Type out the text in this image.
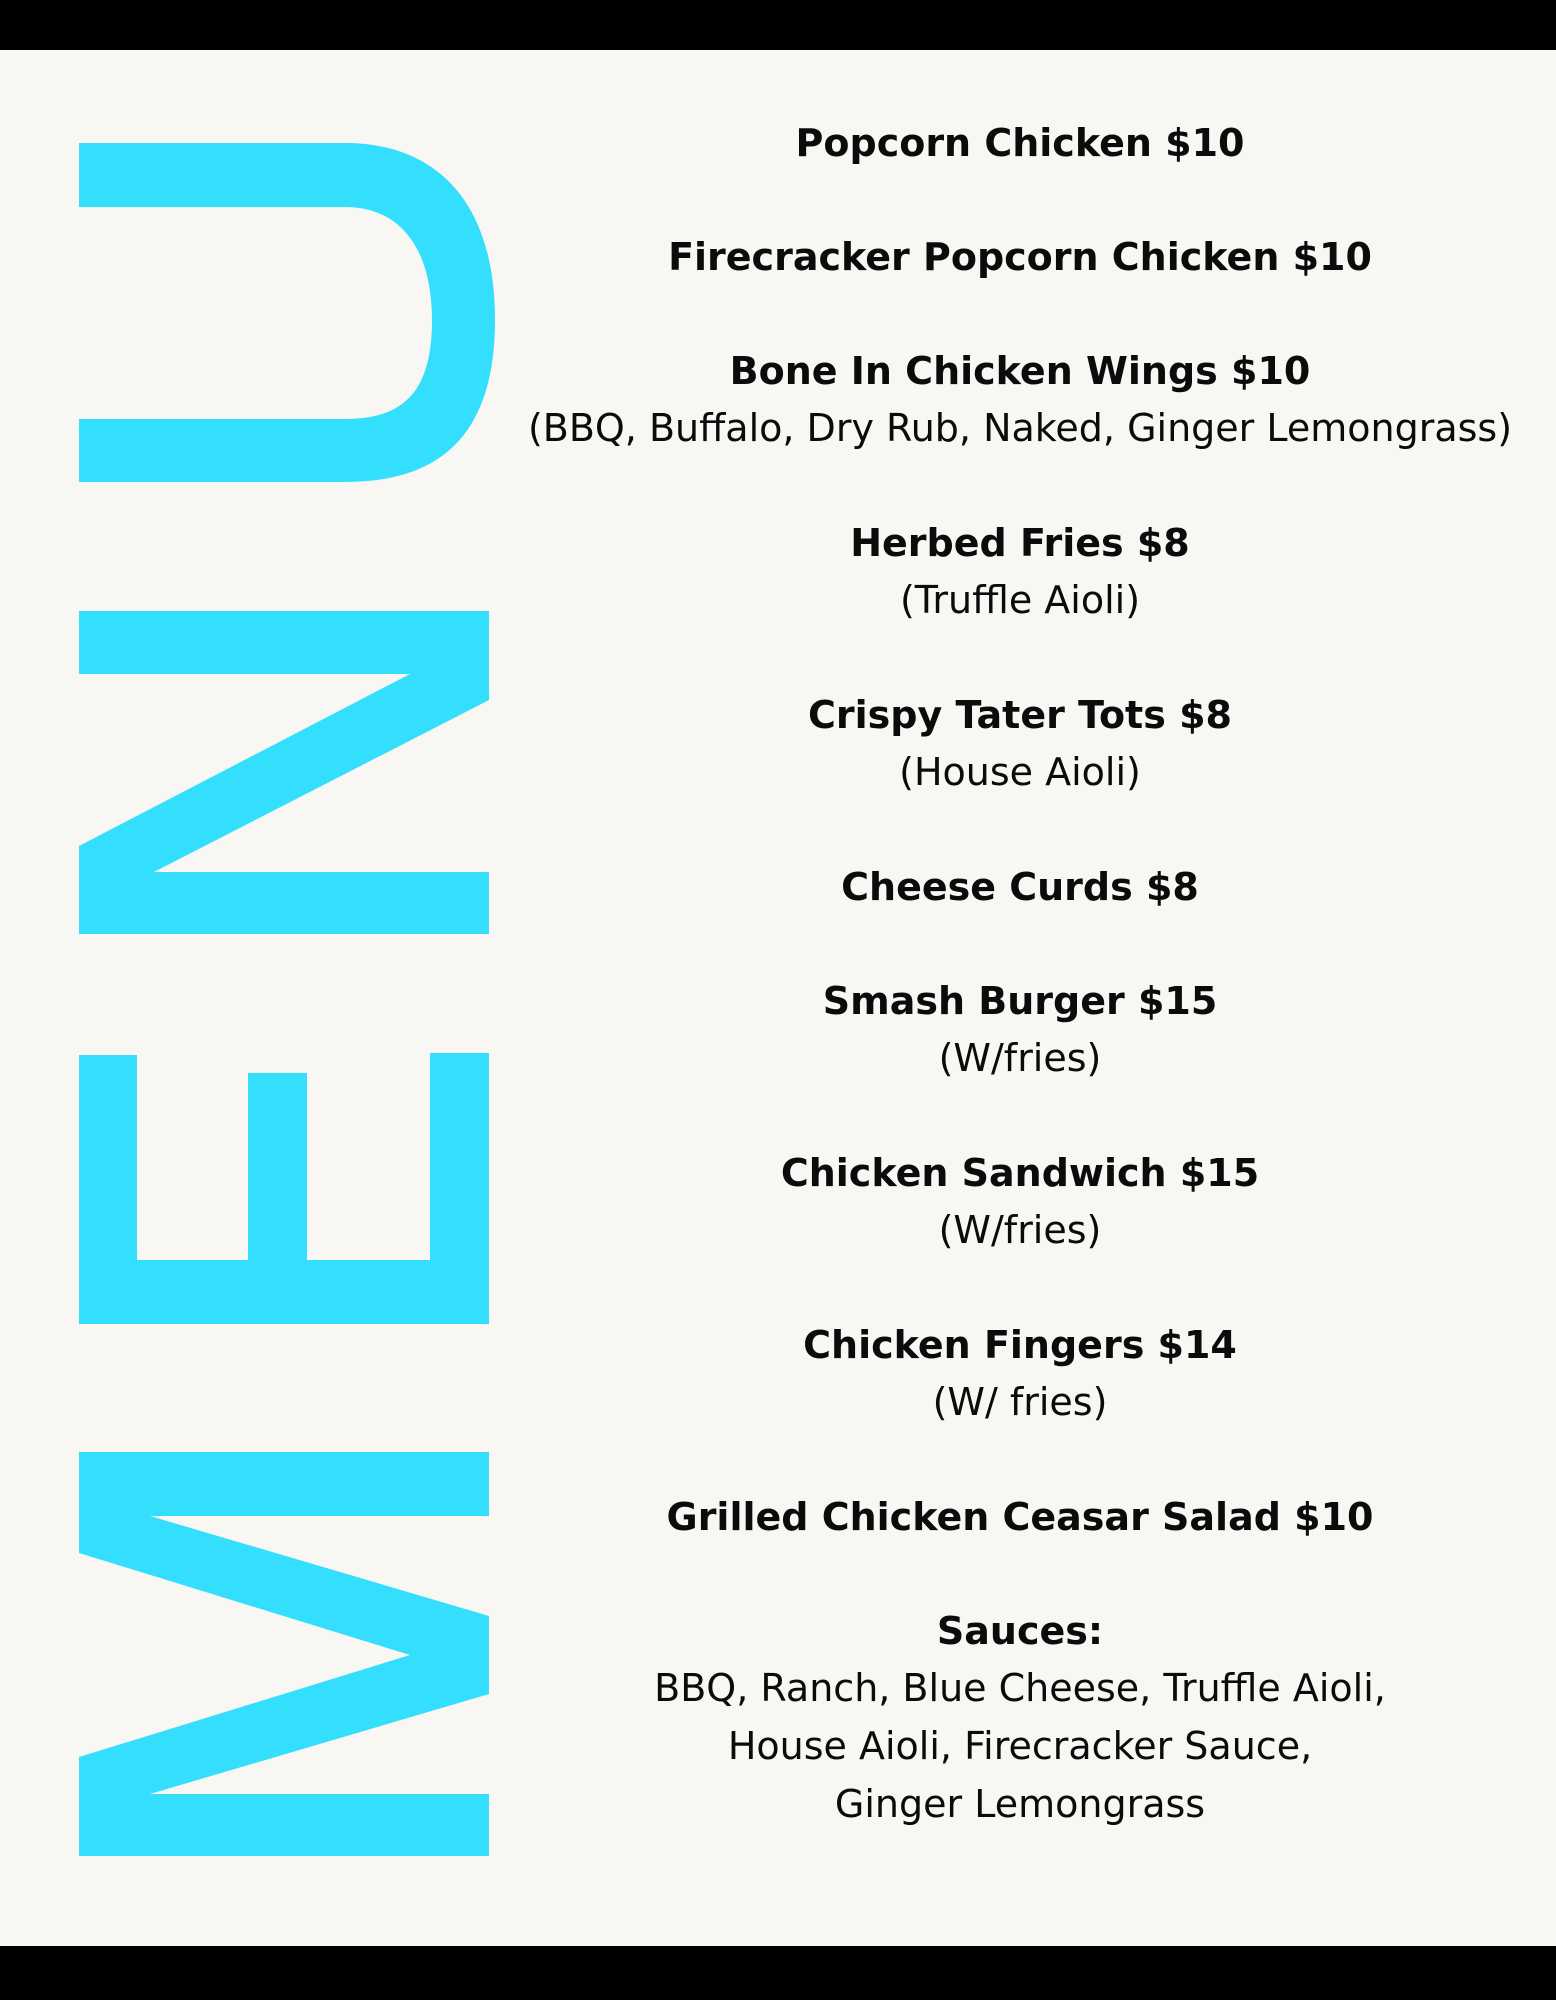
Popcorn Chicken $10
Firecracker Popcorn Chicken $10
Bone In Chicken Wings $10
(BBQ, Buffalo, Dry Rub, Naked, Ginger Lemongrass)
Herbed Fries $8
(Truffle Aioli)
Crispy Tater Tots $8
(House Aioli)
Cheese Curds $8
Smash Burger $15
(W/fries)
Chicken Sandwich $15
(W/fries)
Chicken Fingers $14
(W/ fries)
Grilled Chicken Ceasar Salad $10
Sauces:
BBQ, Ranch, Blue Cheese, Truffle Aioli,
House Aioli, Firecracker Sauce,
Ginger Lemongrass
